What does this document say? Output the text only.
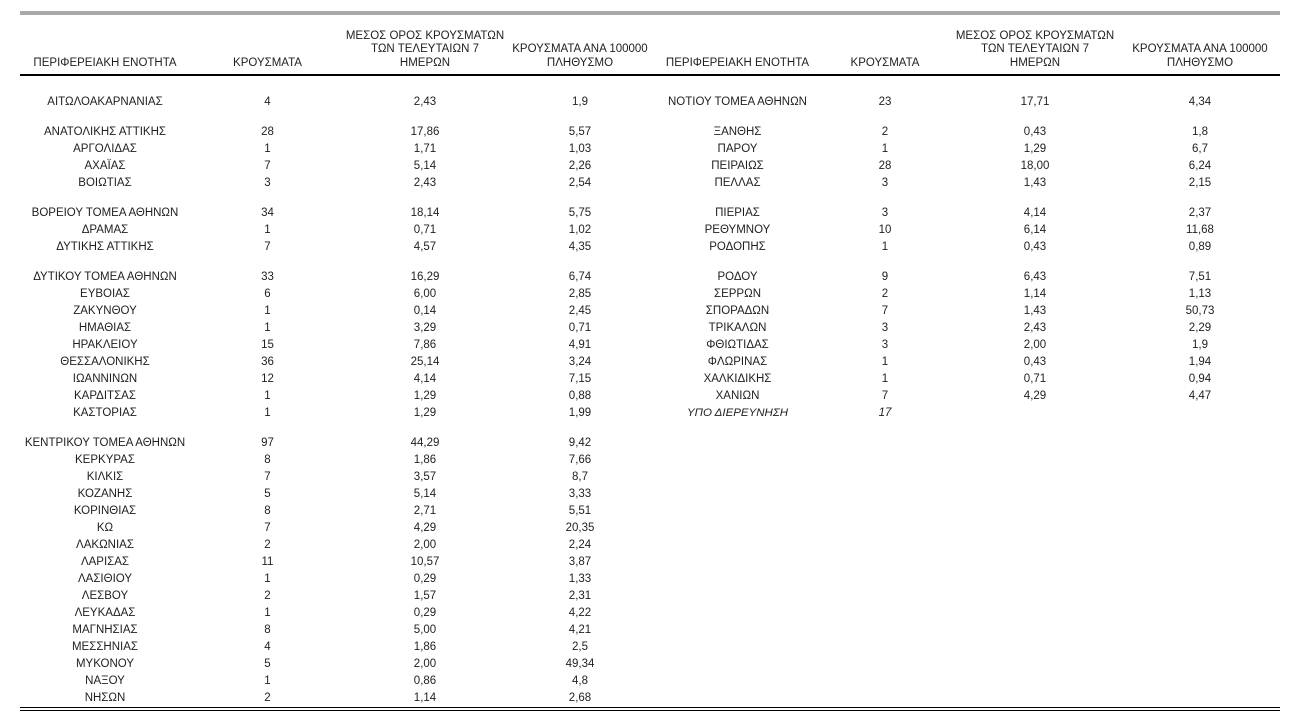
ΠΕΡΙΦΕΡΕΙΑΚΗ ΕΝΟΤΗΤΑ	ΚΡΟΥΣΜΑΤΑ	ΜΕΣΟΣ ΟΡΟΣ ΚΡΟΥΣΜΑΤΩΝ
ΤΩΝ ΤΕΛΕΥΤΑΙΩΝ 7
ΗΜΕΡΩΝ	ΚΡΟΥΣΜΑΤΑ ΑΝΑ 100000
ΠΛΗΘΥΣΜΟ	ΠΕΡΙΦΕΡΕΙΑΚΗ ΕΝΟΤΗΤΑ	ΚΡΟΥΣΜΑΤΑ	ΜΕΣΟΣ ΟΡΟΣ ΚΡΟΥΣΜΑΤΩΝ
ΤΩΝ ΤΕΛΕΥΤΑΙΩΝ 7
ΗΜΕΡΩΝ	ΚΡΟΥΣΜΑΤΑ ΑΝΑ 100000
ΠΛΗΘΥΣΜΟ

ΑΙΤΩΛΟΑΚΑΡΝΑΝΙΑΣ	4	2,43	1,9	ΝΟΤΙΟΥ ΤΟΜΕΑ ΑΘΗΝΩΝ	23	17,71	4,34

ΑΝΑΤΟΛΙΚΗΣ ΑΤΤΙΚΗΣ	28	17,86	5,57	ΞΑΝΘΗΣ	2	0,43	1,8
ΑΡΓΟΛΙΔΑΣ	1	1,71	1,03	ΠΑΡΟΥ	1	1,29	6,7
ΑΧΑΪΑΣ	7	5,14	2,26	ΠΕΙΡΑΙΩΣ	28	18,00	6,24
ΒΟΙΩΤΙΑΣ	3	2,43	2,54	ΠΕΛΛΑΣ	3	1,43	2,15

ΒΟΡΕΙΟΥ ΤΟΜΕΑ ΑΘΗΝΩΝ	34	18,14	5,75	ΠΙΕΡΙΑΣ	3	4,14	2,37
ΔΡΑΜΑΣ	1	0,71	1,02	ΡΕΘΥΜΝΟΥ	10	6,14	11,68
ΔΥΤΙΚΗΣ ΑΤΤΙΚΗΣ	7	4,57	4,35	ΡΟΔΟΠΗΣ	1	0,43	0,89

ΔΥΤΙΚΟΥ ΤΟΜΕΑ ΑΘΗΝΩΝ	33	16,29	6,74	ΡΟΔΟΥ	9	6,43	7,51
ΕΥΒΟΙΑΣ	6	6,00	2,85	ΣΕΡΡΩΝ	2	1,14	1,13
ΖΑΚΥΝΘΟΥ	1	0,14	2,45	ΣΠΟΡΑΔΩΝ	7	1,43	50,73
ΗΜΑΘΙΑΣ	1	3,29	0,71	ΤΡΙΚΑΛΩΝ	3	2,43	2,29
ΗΡΑΚΛΕΙΟΥ	15	7,86	4,91	ΦΘΙΩΤΙΔΑΣ	3	2,00	1,9
ΘΕΣΣΑΛΟΝΙΚΗΣ	36	25,14	3,24	ΦΛΩΡΙΝΑΣ	1	0,43	1,94
ΙΩΑΝΝΙΝΩΝ	12	4,14	7,15	ΧΑΛΚΙΔΙΚΗΣ	1	0,71	0,94
ΚΑΡΔΙΤΣΑΣ	1	1,29	0,88	ΧΑΝΙΩΝ	7	4,29	4,47
ΚΑΣΤΟΡΙΑΣ	1	1,29	1,99	ΥΠΟ ΔΙΕΡΕΥΝΗΣΗ	17		

ΚΕΝΤΡΙΚΟΥ ΤΟΜΕΑ ΑΘΗΝΩΝ	97	44,29	9,42				
ΚΕΡΚΥΡΑΣ	8	1,86	7,66				
ΚΙΛΚΙΣ	7	3,57	8,7				
ΚΟΖΑΝΗΣ	5	5,14	3,33				
ΚΟΡΙΝΘΙΑΣ	8	2,71	5,51				
ΚΩ	7	4,29	20,35				
ΛΑΚΩΝΙΑΣ	2	2,00	2,24				
ΛΑΡΙΣΑΣ	11	10,57	3,87				
ΛΑΣΙΘΙΟΥ	1	0,29	1,33				
ΛΕΣΒΟΥ	2	1,57	2,31				
ΛΕΥΚΑΔΑΣ	1	0,29	4,22				
ΜΑΓΝΗΣΙΑΣ	8	5,00	4,21				
ΜΕΣΣΗΝΙΑΣ	4	1,86	2,5				
ΜΥΚΟΝΟΥ	5	2,00	49,34				
ΝΑΞΟΥ	1	0,86	4,8				
ΝΗΣΩΝ	2	1,14	2,68				
